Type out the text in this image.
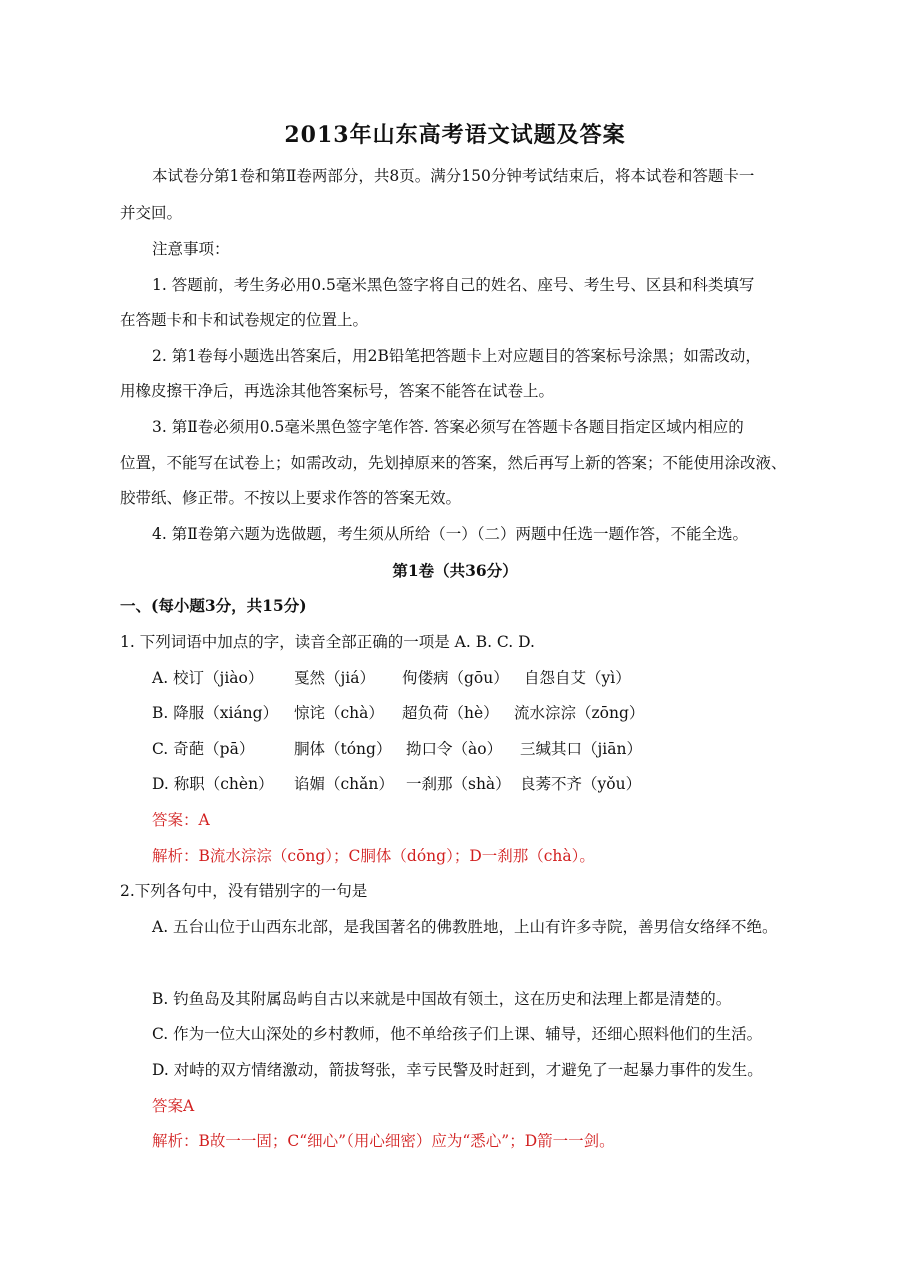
2013年山东高考语文试题及答案
本试卷分第1卷和第Ⅱ卷两部分，共8页。满分150分钟考试结束后，将本试卷和答题卡一
并交回。
注意事项：
1. 答题前，考生务必用0.5毫米黑色签字将自己的姓名、座号、考生号、区县和科类填写
在答题卡和卡和试卷规定的位置上。
2. 第1卷每小题选出答案后，用2B铅笔把答题卡上对应题目的答案标号涂黑；如需改动，
用橡皮擦干净后，再选涂其他答案标号，答案不能答在试卷上。
3. 第Ⅱ卷必须用0.5毫米黑色签字笔作答. 答案必须写在答题卡各题目指定区域内相应的
位置，不能写在试卷上；如需改动，先划掉原来的答案，然后再写上新的答案；不能使用涂改液、
胶带纸、修正带。不按以上要求作答的答案无效。
4. 第Ⅱ卷第六题为选做题，考生须从所给（一）（二）两题中任选一题作答，不能全选。
第1卷（共36分）
一、(每小题3分，共15分)
1. 下列词语中加点的字，读音全部正确的一项是 A. B. C. D.
A. 校订（jiào） 戛然（jiá） 佝偻病（gōu） 自怨自艾（yì）
B. 降服（xiáng） 惊诧（chà） 超负荷（hè） 流水淙淙（zōng）
C. 奇葩（pā）	胴体（tóng） 拗口令（ào） 三缄其口（jiān）
D. 称职（chèn） 谄媚（chǎn） 一刹那（shà） 良莠不齐（yǒu）
答案：A
解析：B流水淙淙（cōng）；C胴体（dóng）；D一刹那（chà）。
2.下列各句中，没有错别字的一句是
A. 五台山位于山西东北部，是我国著名的佛教胜地，上山有许多寺院，善男信女络绎不绝。
B. 钓鱼岛及其附属岛屿自古以来就是中国故有领土，这在历史和法理上都是清楚的。
C. 作为一位大山深处的乡村教师，他不单给孩子们上课、辅导，还细心照料他们的生活。
D. 对峙的双方情绪激动，箭拔弩张，幸亏民警及时赶到，才避免了一起暴力事件的发生。
答案A
解析：B故一一固；C“细心”（用心细密）应为“悉心”；D箭一一剑。
